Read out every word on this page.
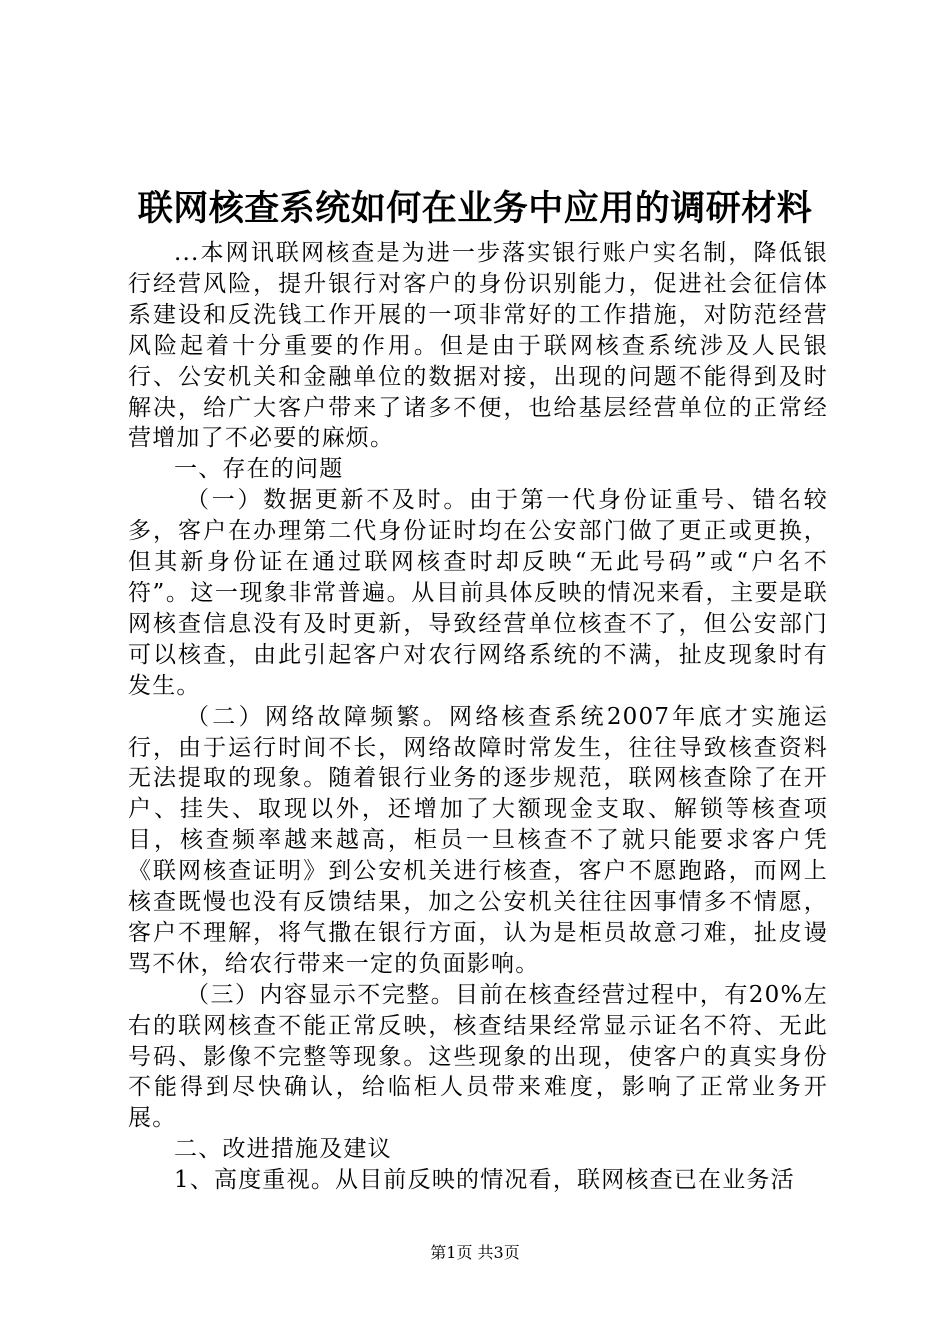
联网核查系统如何在业务中应用的调研材料

...本网讯联网核查是为进一步落实银行账户实名制，降低银行经营风险，提升银行对客户的身份识别能力，促进社会征信体系建设和反洗钱工作开展的一项非常好的工作措施，对防范经营风险起着十分重要的作用。但是由于联网核查系统涉及人民银行、公安机关和金融单位的数据对接，出现的问题不能得到及时解决，给广大客户带来了诸多不便，也给基层经营单位的正常经营增加了不必要的麻烦。

一、存在的问题

（一）数据更新不及时。由于第一代身份证重号、错名较多，客户在办理第二代身份证时均在公安部门做了更正或更换，但其新身份证在通过联网核查时却反映“无此号码”或“户名不符”。这一现象非常普遍。从目前具体反映的情况来看，主要是联网核查信息没有及时更新，导致经营单位核查不了，但公安部门可以核查，由此引起客户对农行网络系统的不满，扯皮现象时有发生。

（二）网络故障频繁。网络核查系统2007年底才实施运行，由于运行时间不长，网络故障时常发生，往往导致核查资料无法提取的现象。随着银行业务的逐步规范，联网核查除了在开户、挂失、取现以外，还增加了大额现金支取、解锁等核查项目，核查频率越来越高，柜员一旦核查不了就只能要求客户凭《联网核查证明》到公安机关进行核查，客户不愿跑路，而网上核查既慢也没有反馈结果，加之公安机关往往因事情多不情愿，客户不理解，将气撒在银行方面，认为是柜员故意刁难，扯皮谩骂不休，给农行带来一定的负面影响。

（三）内容显示不完整。目前在核查经营过程中，有20%左右的联网核查不能正常反映，核查结果经常显示证名不符、无此号码、影像不完整等现象。这些现象的出现，使客户的真实身份不能得到尽快确认，给临柜人员带来难度，影响了正常业务开展。

二、改进措施及建议

1、高度重视。从目前反映的情况看，联网核查已在业务活

第1页 共3页
